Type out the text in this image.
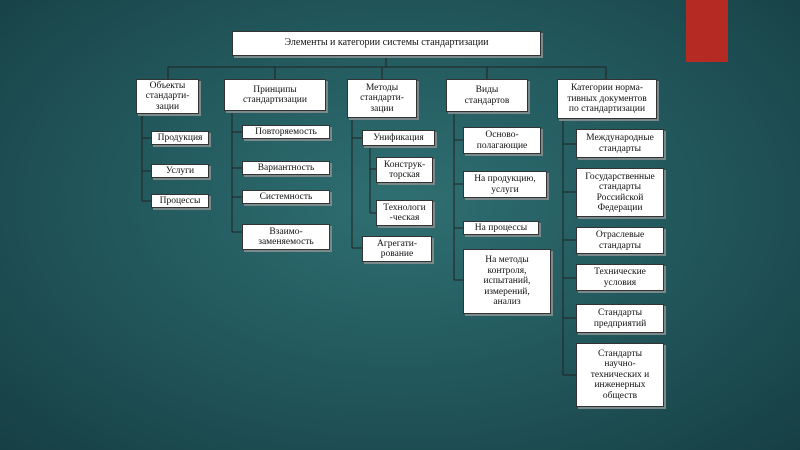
Элементы и категории системы стандартизации
Объекты
стандарти-
зации
Принципы
стандартизации
Методы
стандарти-
зации
Виды
стандартов
Категории норма-
тивных документов
по стандартизации
Продукция
Услуги
Процессы
Повторяемость
Вариантность
Системность
Взаимо-
заменяемость
Унификация
Конструк-
торская
Технологи
-ческая
Агрегати-
рование
Осново-
полагающие
На продукцию,
услуги
На процессы
На методы
контроля,
испытаний,
измерений,
анализ
Международные
стандарты
Государственные
стандарты
Российской
Федерации
Отраслевые
стандарты
Технические
условия
Стандарты
предприятий
Стандарты
научно-
технических и
инженерных
обществ
